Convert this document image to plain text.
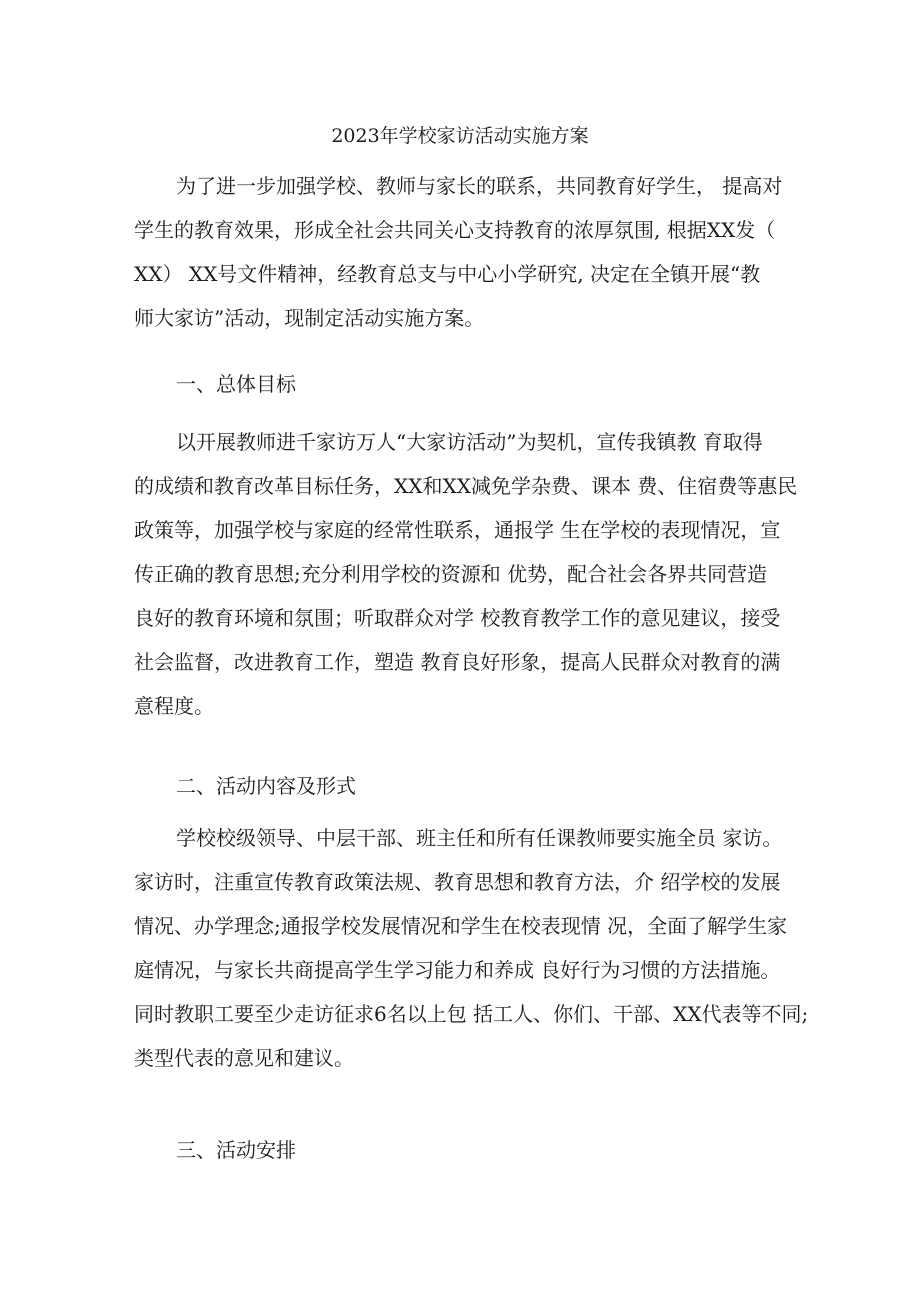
2023年学校家访活动实施方案
为了进一步加强学校、教师与家长的联系，共同教育好学生， 提高对
学生的教育效果，形成全社会共同关心支持教育的浓厚氛围, 根据XX发（
XX） XX号文件精神，经教育总支与中心小学研究, 决定在全镇开展“教
师大家访”活动，现制定活动实施方案。
一、总体目标
以开展教师进千家访万人“大家访活动”为契机，宣传我镇教 育取得
的成绩和教育改革目标任务，XX和XX减免学杂费、课本 费、住宿费等惠民
政策等，加强学校与家庭的经常性联系，通报学 生在学校的表现情况，宣
传正确的教育思想;充分利用学校的资源和 优势，配合社会各界共同营造
良好的教育环境和氛围；听取群众对学 校教育教学工作的意见建议，接受
社会监督，改进教育工作，塑造 教育良好形象，提高人民群众对教育的满
意程度。
二、活动内容及形式
学校校级领导、中层干部、班主任和所有任课教师要实施全员 家访。
家访时，注重宣传教育政策法规、教育思想和教育方法，介 绍学校的发展
情况、办学理念;通报学校发展情况和学生在校表现情 况，全面了解学生家
庭情况，与家长共商提高学生学习能力和养成 良好行为习惯的方法措施。
同时教职工要至少走访征求6名以上包 括工人、你们、干部、XX代表等不同;
类型代表的意见和建议。
三、活动安排
